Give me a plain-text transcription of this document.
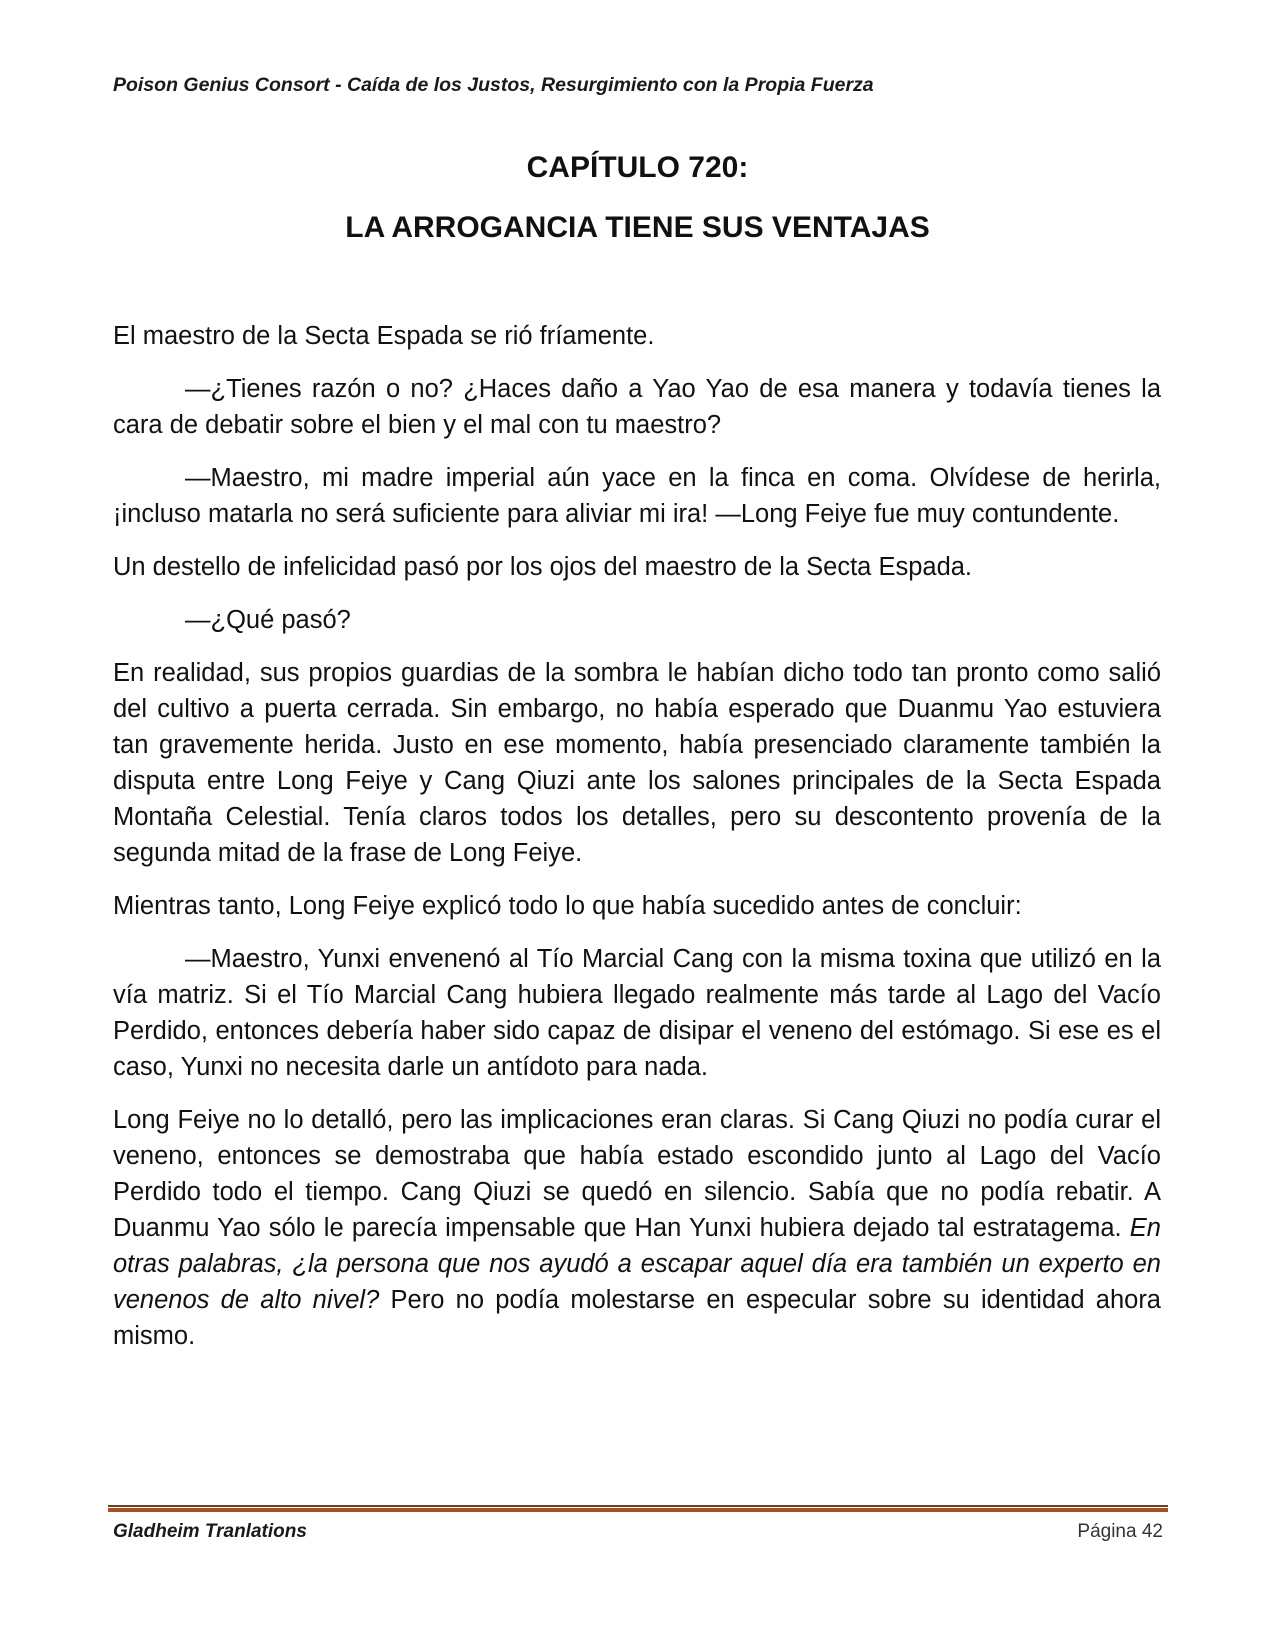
Poison Genius Consort - Caída de los Justos, Resurgimiento con la Propia Fuerza
CAPÍTULO 720:
LA ARROGANCIA TIENE SUS VENTAJAS

El maestro de la Secta Espada se rió fríamente.

—¿Tienes razón o no? ¿Haces daño a Yao Yao de esa manera y todavía tienes la cara de debatir sobre el bien y el mal con tu maestro?

—Maestro, mi madre imperial aún yace en la finca en coma. Olvídese de herirla, ¡incluso matarla no será suficiente para aliviar mi ira! —Long Feiye fue muy contundente.

Un destello de infelicidad pasó por los ojos del maestro de la Secta Espada.

—¿Qué pasó?

En realidad, sus propios guardias de la sombra le habían dicho todo tan pronto como salió del cultivo a puerta cerrada. Sin embargo, no había esperado que Duanmu Yao estuviera tan gravemente herida. Justo en ese momento, había presenciado claramente también la disputa entre Long Feiye y Cang Qiuzi ante los salones principales de la Secta Espada Montaña Celestial. Tenía claros todos los detalles, pero su descontento provenía de la segunda mitad de la frase de Long Feiye.

Mientras tanto, Long Feiye explicó todo lo que había sucedido antes de concluir:

—Maestro, Yunxi envenenó al Tío Marcial Cang con la misma toxina que utilizó en la vía matriz. Si el Tío Marcial Cang hubiera llegado realmente más tarde al Lago del Vacío Perdido, entonces debería haber sido capaz de disipar el veneno del estómago. Si ese es el caso, Yunxi no necesita darle un antídoto para nada.

Long Feiye no lo detalló, pero las implicaciones eran claras. Si Cang Qiuzi no podía curar el veneno, entonces se demostraba que había estado escondido junto al Lago del Vacío Perdido todo el tiempo. Cang Qiuzi se quedó en silencio. Sabía que no podía rebatir. A Duanmu Yao sólo le parecía impensable que Han Yunxi hubiera dejado tal estratagema. En otras palabras, ¿la persona que nos ayudó a escapar aquel día era también un experto en venenos de alto nivel? Pero no podía molestarse en especular sobre su identidad ahora mismo.

Gladheim Tranlations	Página 42
